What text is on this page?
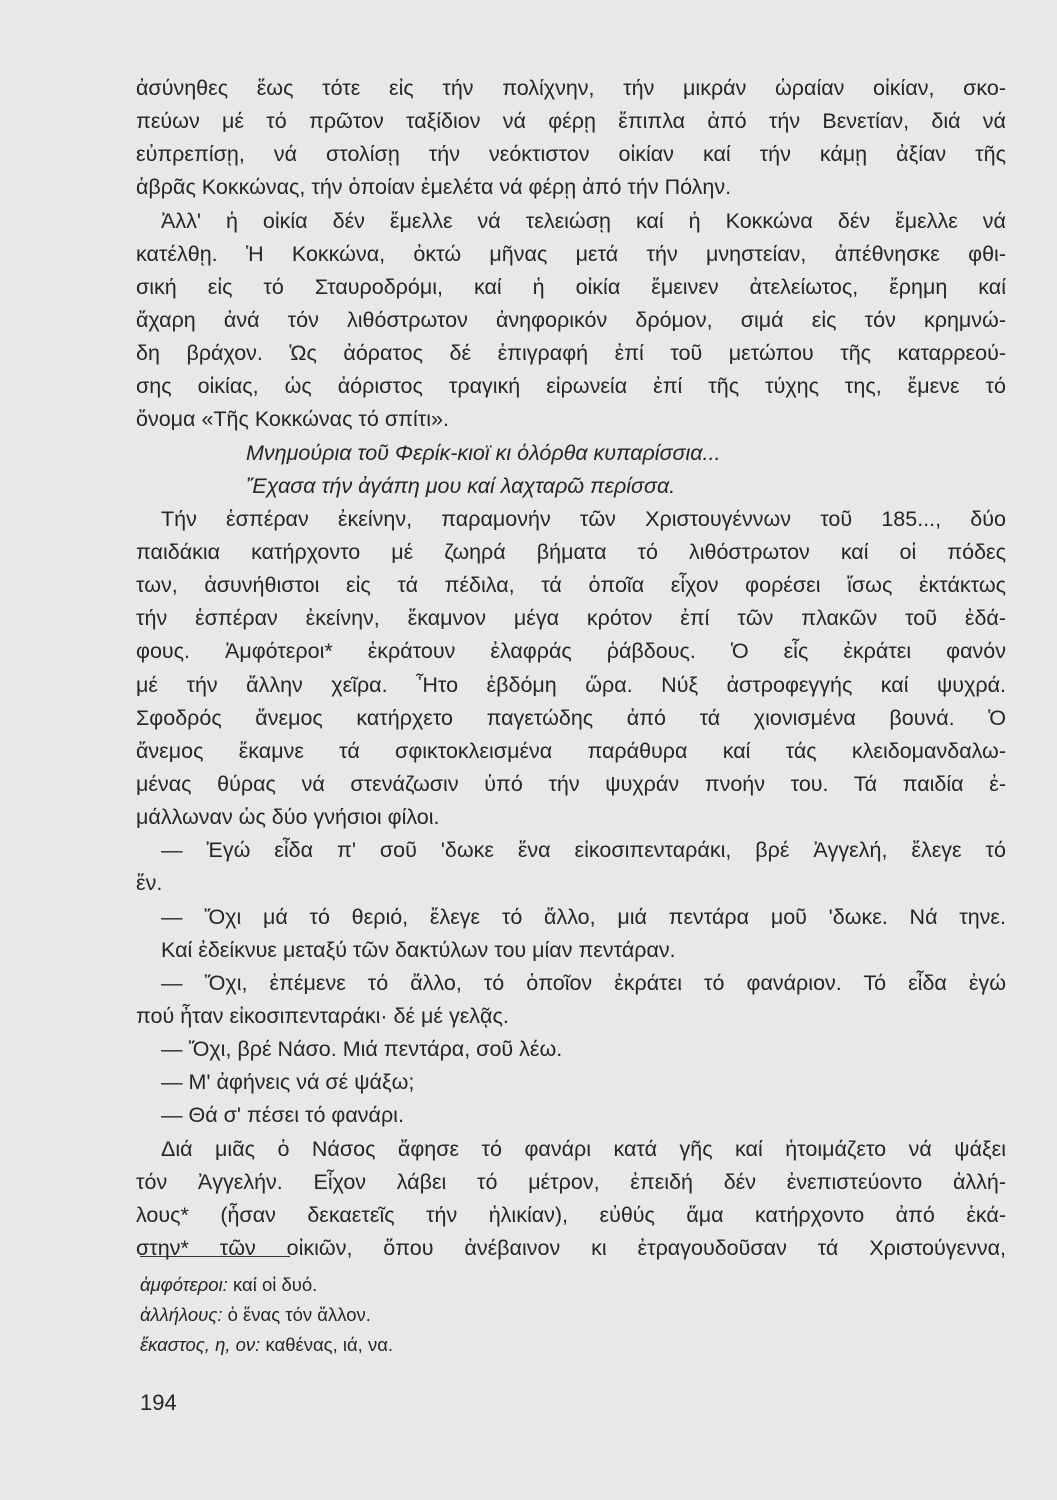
ἀσύνηθες ἕως τότε εἰς τήν πολίχνην, τήν μικράν ὡραίαν οἰκίαν, σκο-
πεύων μέ τό πρῶτον ταξίδιον νά φέρῃ ἔπιπλα ἀπό τήν Βενετίαν, διά νά
εὐπρεπίσῃ, νά στολίσῃ τήν νεόκτιστον οἰκίαν καί τήν κάμῃ ἀξίαν τῆς
ἁβρᾶς Κοκκώνας, τήν ὁποίαν ἐμελέτα νά φέρῃ ἀπό τήν Πόλην.
Ἀλλ' ἡ οἰκία δέν ἔμελλε νά τελειώσῃ καί ἡ Κοκκώνα δέν ἔμελλε νά
κατέλθῃ. Ἡ Κοκκώνα, ὀκτώ μῆνας μετά τήν μνηστείαν, ἀπέθνησκε φθι-
σική εἰς τό Σταυροδρόμι, καί ἡ οἰκία ἔμεινεν ἀτελείωτος, ἔρημη καί
ἄχαρη ἀνά τόν λιθόστρωτον ἀνηφορικόν δρόμον, σιμά εἰς τόν κρημνώ-
δη βράχον. Ὡς ἀόρατος δέ ἐπιγραφή ἐπί τοῦ μετώπου τῆς καταρρεού-
σης οἰκίας, ὡς ἀόριστος τραγική εἰρωνεία ἐπί τῆς τύχης της, ἔμενε τό
ὄνομα «Τῆς Κοκκώνας τό σπίτι».
Μνημούρια τοῦ Φερίκ-κιοϊ κι ὁλόρθα κυπαρίσσια...
Ἔχασα τήν ἀγάπη μου καί λαχταρῶ περίσσα.
Τήν ἑσπέραν ἐκείνην, παραμονήν τῶν Χριστουγέννων τοῦ 185..., δύο
παιδάκια κατήρχοντο μέ ζωηρά βήματα τό λιθόστρωτον καί οἱ πόδες
των, ἀσυνήθιστοι εἰς τά πέδιλα, τά ὁποῖα εἶχον φορέσει ἴσως ἐκτάκτως
τήν ἑσπέραν ἐκείνην, ἔκαμνον μέγα κρότον ἐπί τῶν πλακῶν τοῦ ἐδά-
φους. Ἀμφότεροι* ἐκράτουν ἐλαφράς ῥάβδους. Ὁ εἷς ἐκράτει φανόν
μέ τήν ἄλλην χεῖρα. Ἦτο ἑβδόμη ὥρα. Νύξ ἀστροφεγγής καί ψυχρά.
Σφοδρός ἄνεμος κατήρχετο παγετώδης ἀπό τά χιονισμένα βουνά. Ὁ
ἄνεμος ἔκαμνε τά σφικτοκλεισμένα παράθυρα καί τάς κλειδομανδαλω-
μένας θύρας νά στενάζωσιν ὑπό τήν ψυχράν πνοήν του. Τά παιδία ἐ-
μάλλωναν ὡς δύο γνήσιοι φίλοι.
— Ἐγώ εἶδα π' σοῦ 'δωκε ἕνα εἰκοσιπενταράκι, βρέ Ἀγγελή, ἔλεγε τό
ἕν.
— Ὄχι μά τό θεριό, ἔλεγε τό ἄλλο, μιά πεντάρα μοῦ 'δωκε. Νά τηνε.
Καί ἐδείκνυε μεταξύ τῶν δακτύλων του μίαν πεντάραν.
— Ὄχι, ἐπέμενε τό ἄλλο, τό ὁποῖον ἐκράτει τό φανάριον. Τό εἶδα ἐγώ
πού ἦταν εἰκοσιπενταράκι· δέ μέ γελᾷς.
— Ὄχι, βρέ Νάσο. Μιά πεντάρα, σοῦ λέω.
— Μ' ἀφήνεις νά σέ ψάξω;
— Θά σ' πέσει τό φανάρι.
Διά μιᾶς ὁ Νάσος ἄφησε τό φανάρι κατά γῆς καί ἡτοιμάζετο νά ψάξει
τόν Ἀγγελήν. Εἶχον λάβει τό μέτρον, ἐπειδή δέν ἐνεπιστεύοντο ἀλλή-
λους* (ἦσαν δεκαετεῖς τήν ἡλικίαν), εὐθύς ἅμα κατήρχοντο ἀπό ἑκά-
στην* τῶν οἰκιῶν, ὅπου ἀνέβαινον κι ἐτραγουδοῦσαν τά Χριστούγεννα,
ἀμφότεροι: καί οἱ δυό.
ἀλλήλους: ὁ ἕνας τόν ἄλλον.
ἕκαστος, η, ον: καθένας, ιά, να.
194
